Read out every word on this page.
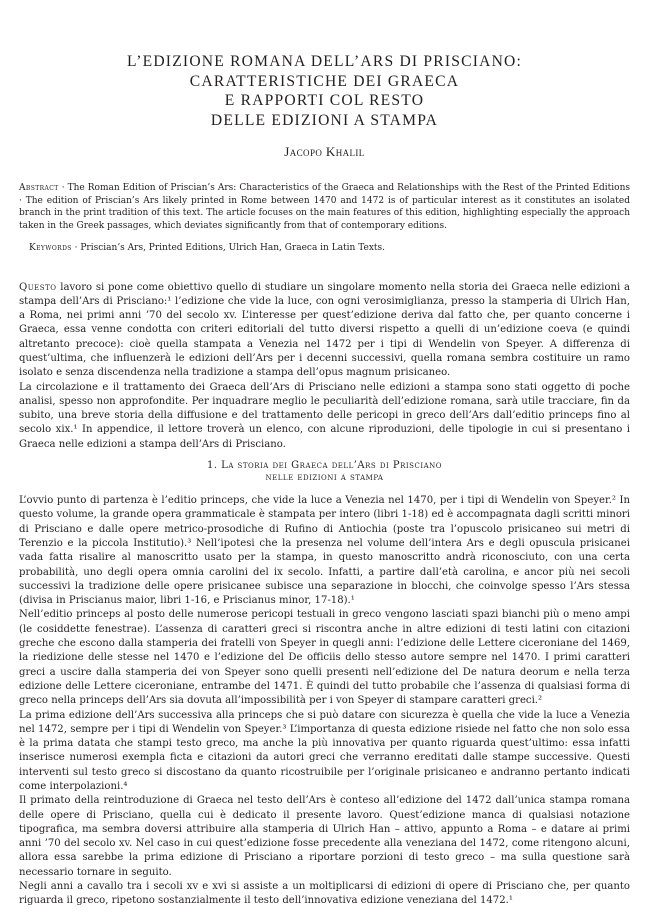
L’EDIZIONE ROMANA DELL’ARS DI PRISCIANO:
CARATTERISTICHE DEI GRAECA
E RAPPORTI COL RESTO
DELLE EDIZIONI A STAMPA
Jacopo Khalil

Abstract · The Roman Edition of Priscian’s Ars: Characteristics of the Graeca and Relationships with the Rest of the Printed Editions · The edition of Priscian’s Ars likely printed in Rome between 1470 and 1472 is of particular interest as it constitutes an isolated branch in the print tradition of this text. The article focuses on the main features of this edition, highlighting especially the approach taken in the Greek passages, which deviates significantly from that of contemporary editions.

Keywords · Priscian’s Ars, Printed Editions, Ulrich Han, Graeca in Latin Texts.

Questo lavoro si pone come obiettivo quello di studiare un singolare momento nella storia dei Graeca nelle edizioni a stampa dell’Ars di Prisciano:¹ l’edizione che vide la luce, con ogni verosimiglianza, presso la stamperia di Ulrich Han, a Roma, nei primi anni ’70 del secolo xv. L’interesse per quest’edizione deriva dal fatto che, per quanto concerne i Graeca, essa venne condotta con criteri editoriali del tutto diversi rispetto a quelli di un’edizione coeva (e quindi altretanto precoce): cioè quella stampata a Venezia nel 1472 per i tipi di Wendelin von Speyer. A differenza di quest’ultima, che influenzerà le edizioni dell’Ars per i decenni successivi, quella romana sembra costituire un ramo isolato e senza discendenza nella tradizione a stampa dell’opus magnum prisicaneo.

La circolazione e il trattamento dei Graeca dell’Ars di Prisciano nelle edizioni a stampa sono stati oggetto di poche analisi, spesso non approfondite. Per inquadrare meglio le peculiarità dell’edizione romana, sarà utile tracciare, fin da subito, una breve storia della diffusione e del trattamento delle pericopi in greco dell’Ars dall’editio princeps fino al secolo xix.¹ In appendice, il lettore troverà un elenco, con alcune riproduzioni, delle tipologie in cui si presentano i Graeca nelle edizioni a stampa dell’Ars di Prisciano.

1. La storia dei Graeca dell’Ars di Prisciano
nelle edizioni a stampa

L’ovvio punto di partenza è l’editio princeps, che vide la luce a Venezia nel 1470, per i tipi di Wendelin von Speyer.² In questo volume, la grande opera grammaticale è stampata per intero (libri 1-18) ed è accompagnata dagli scritti minori di Prisciano e dalle opere metrico-prosodiche di Rufino di Antiochia (poste tra l’opuscolo prisicaneo sui metri di Terenzio e la piccola Institutio).³ Nell’ipotesi che la presenza nel volume dell’intera Ars e degli opuscula prisicanei vada fatta risalire al manoscritto usato per la stampa, in questo manoscritto andrà riconosciuto, con una certa probabilità, uno degli opera omnia carolini del ix secolo. Infatti, a partire dall’età carolina, e ancor più nei secoli successivi la tradizione delle opere prisicanee subisce una separazione in blocchi, che coinvolge spesso l’Ars stessa (divisa in Priscianus maior, libri 1-16, e Priscianus minor, 17-18).¹

Nell’editio princeps al posto delle numerose pericopi testuali in greco vengono lasciati spazi bianchi più o meno ampi (le cosiddette fenestrae). L’assenza di caratteri greci si riscontra anche in altre edizioni di testi latini con citazioni greche che escono dalla stamperia dei fratelli von Speyer in quegli anni: l’edizione delle Lettere ciceroniane del 1469, la riedizione delle stesse nel 1470 e l’edizione del De officiis dello stesso autore sempre nel 1470. I primi caratteri greci a uscire dalla stamperia dei von Speyer sono quelli presenti nell’edizione del De natura deorum e nella terza edizione delle Lettere ciceroniane, entrambe del 1471. È quindi del tutto probabile che l’assenza di qualsiasi forma di greco nella princeps dell’Ars sia dovuta all’impossibilità per i von Speyer di stampare caratteri greci.²

La prima edizione dell’Ars successiva alla princeps che si può datare con sicurezza è quella che vide la luce a Venezia nel 1472, sempre per i tipi di Wendelin von Speyer.³ L’importanza di questa edizione risiede nel fatto che non solo essa è la prima datata che stampi testo greco, ma anche la più innovativa per quanto riguarda quest’ultimo: essa infatti inserisce numerosi exempla ficta e citazioni da autori greci che verranno ereditati dalle stampe successive. Questi interventi sul testo greco si discostano da quanto ricostruibile per l’originale prisicaneo e andranno pertanto indicati come interpolazioni.⁴

Il primato della reintroduzione di Graeca nel testo dell’Ars è conteso all’edizione del 1472 dall’unica stampa romana delle opere di Prisciano, quella cui è dedicato il presente lavoro. Quest’edizione manca di qualsiasi notazione tipografica, ma sembra doversi attribuire alla stamperia di Ulrich Han – attivo, appunto a Roma – e datare ai primi anni ’70 del secolo xv. Nel caso in cui quest’edizione fosse precedente alla veneziana del 1472, come ritengono alcuni, allora essa sarebbe la prima edizione di Prisciano a riportare porzioni di testo greco – ma sulla questione sarà necessario tornare in seguito.

Negli anni a cavallo tra i secoli xv e xvi si assiste a un moltiplicarsi di edizioni di opere di Prisciano che, per quanto riguarda il greco, ripetono sostanzialmente il testo dell’innovativa edizione veneziana del 1472.¹
